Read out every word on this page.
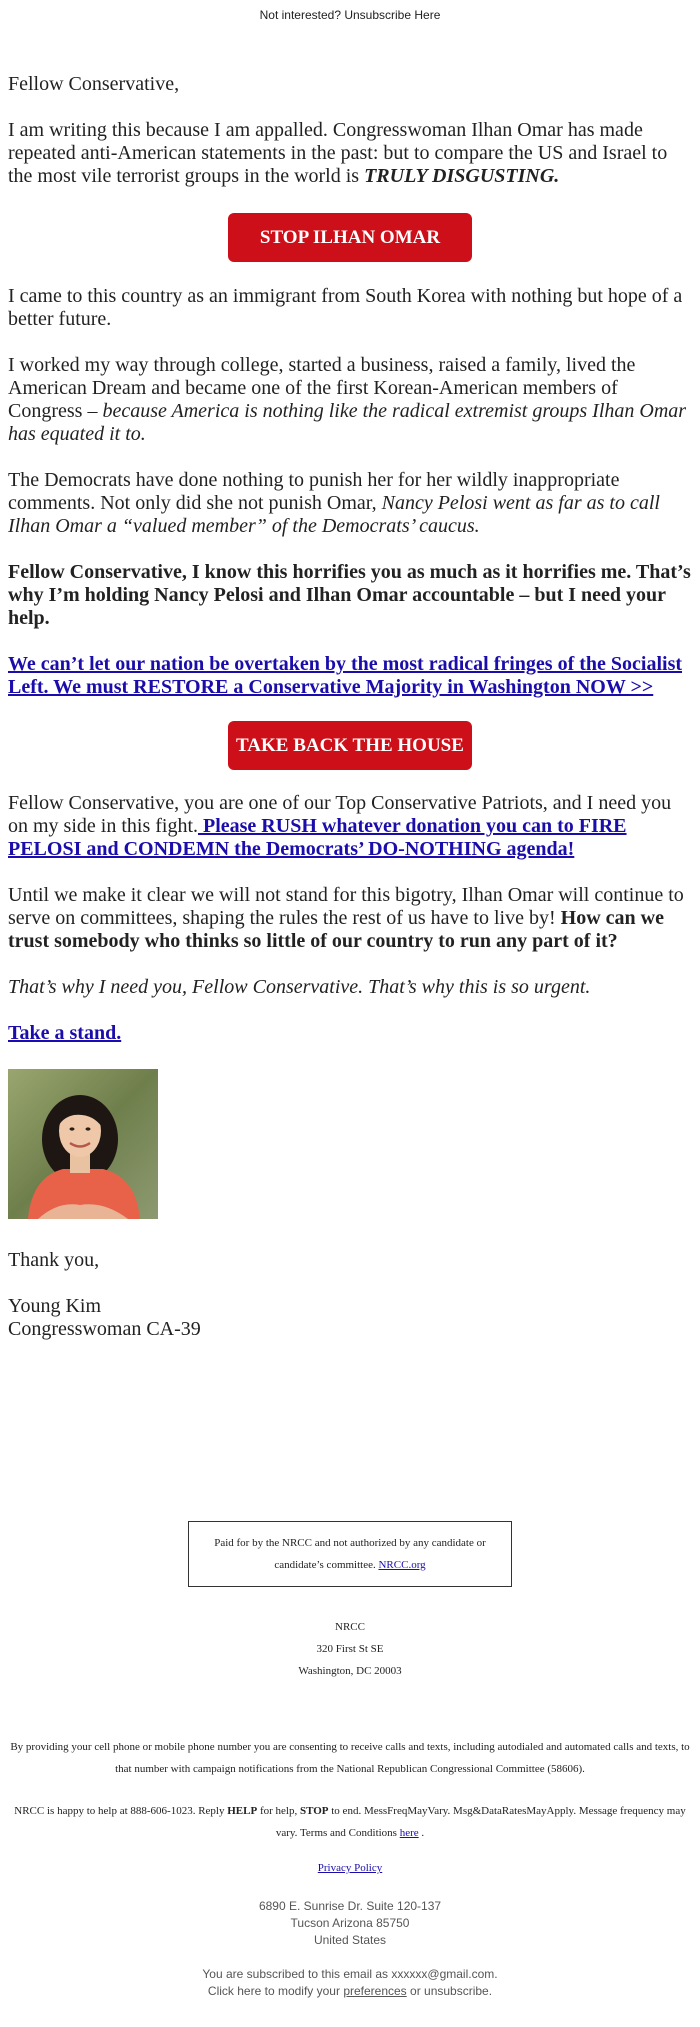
Not interested? Unsubscribe Here

Fellow Conservative,

I am writing this because I am appalled. Congresswoman Ilhan Omar has made repeated anti-American statements in the past: but to compare the US and Israel to the most vile terrorist groups in the world is TRULY DISGUSTING.

STOP ILHAN OMAR

I came to this country as an immigrant from South Korea with nothing but hope of a better future.

I worked my way through college, started a business, raised a family, lived the American Dream and became one of the first Korean-American members of Congress – because America is nothing like the radical extremist groups Ilhan Omar has equated it to.

The Democrats have done nothing to punish her for her wildly inappropriate comments. Not only did she not punish Omar, Nancy Pelosi went as far as to call Ilhan Omar a “valued member” of the Democrats’ caucus.

Fellow Conservative, I know this horrifies you as much as it horrifies me. That’s why I’m holding Nancy Pelosi and Ilhan Omar accountable – but I need your help.

We can’t let our nation be overtaken by the most radical fringes of the Socialist Left. We must RESTORE a Conservative Majority in Washington NOW >>

TAKE BACK THE HOUSE

Fellow Conservative, you are one of our Top Conservative Patriots, and I need you on my side in this fight. Please RUSH whatever donation you can to FIRE PELOSI and CONDEMN the Democrats’ DO-NOTHING agenda!

Until we make it clear we will not stand for this bigotry, Ilhan Omar will continue to serve on committees, shaping the rules the rest of us have to live by! How can we trust somebody who thinks so little of our country to run any part of it?

That’s why I need you, Fellow Conservative. That’s why this is so urgent.

Take a stand.

Thank you,

Young Kim

Congresswoman CA-39

Paid for by the NRCC and not authorized by any candidate or candidate’s committee. NRCC.org
NRCC
320 First St SE
Washington, DC 20003
By providing your cell phone or mobile phone number you are consenting to receive calls and texts, including autodialed and automated calls and texts, to that number with campaign notifications from the National Republican Congressional Committee (58606).
NRCC is happy to help at 888-606-1023. Reply HELP for help, STOP to end. MessFreqMayVary. Msg&DataRatesMayApply. Message frequency may vary. Terms and Conditions here .
Privacy Policy
6890 E. Sunrise Dr. Suite 120-137
Tucson Arizona 85750
United States
You are subscribed to this email as xxxxxx@gmail.com.
Click here to modify your preferences or unsubscribe.
